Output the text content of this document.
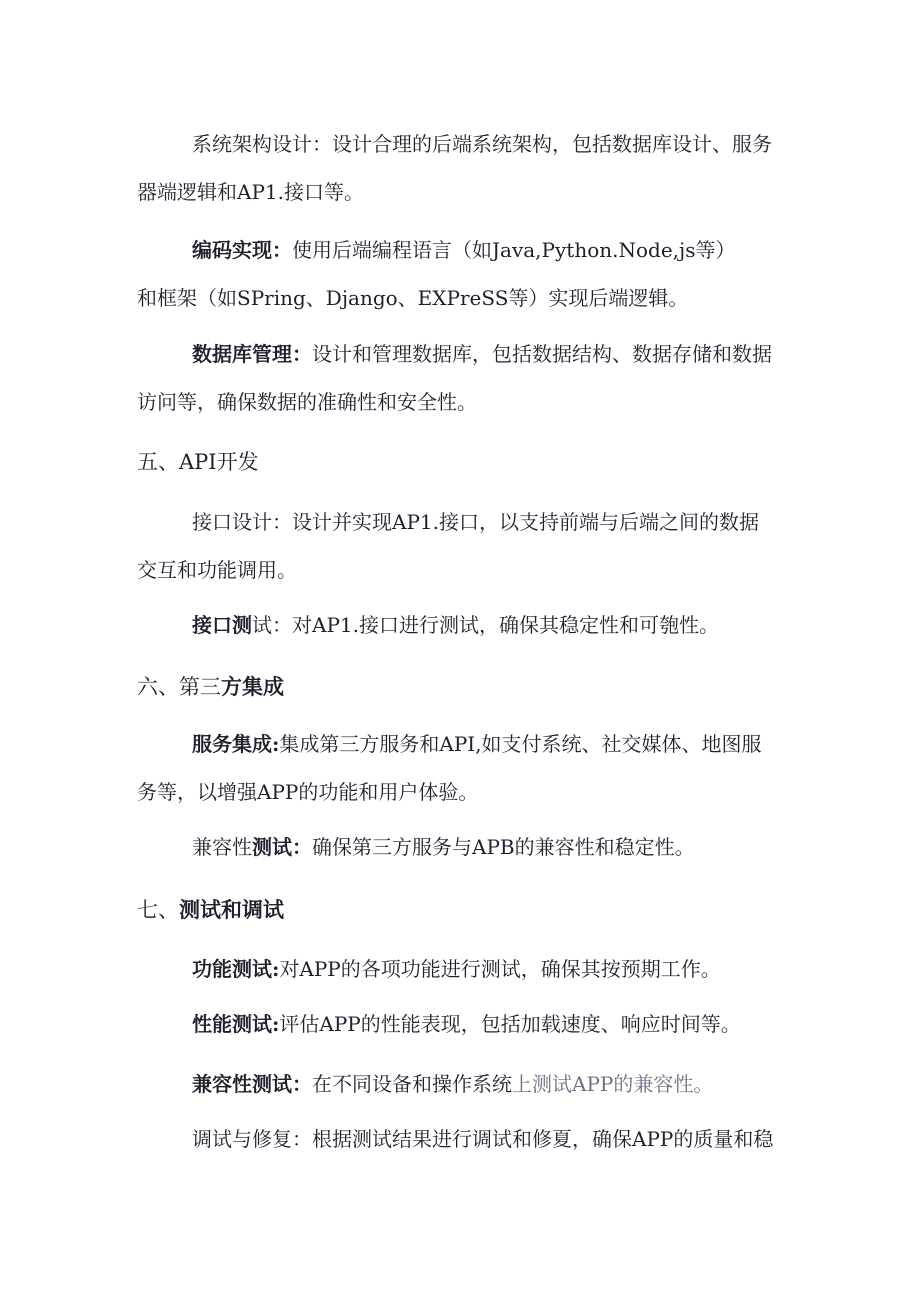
系统架构设计：设计合理的后端系统架构，包括数据库设计、服务
器端逻辑和AP1.接口等。
编码实现：使用后端编程语言（如Java,Python.Node,js等）
和框架（如SPring、Django、EXPreSS等）实现后端逻辑。
数据库管理：设计和管理数据库，包括数据结构、数据存储和数据
访问等，确保数据的准确性和安全性。
五、API开发
接口设计：设计并实现AP1.接口，以支持前端与后端之间的数据
交互和功能调用。
接口测试：对AP1.接口进行测试，确保其稳定性和可匏性。
六、第三方集成
服务集成:集成第三方服务和API,如支付系统、社交媒体、地图服
务等，以增强APP的功能和用户体验。
兼容性测试：确保第三方服务与APB的兼容性和稳定性。
七、测试和调试
功能测试:对APP的各项功能进行测试，确保其按预期工作。
性能测试:评估APP的性能表现，包括加载速度、响应时间等。
兼容性测试：在不同设备和操作系统上测试APP的兼容性。
调试与修复：根据测试结果进行调试和修夏，确保APP的质量和稳
